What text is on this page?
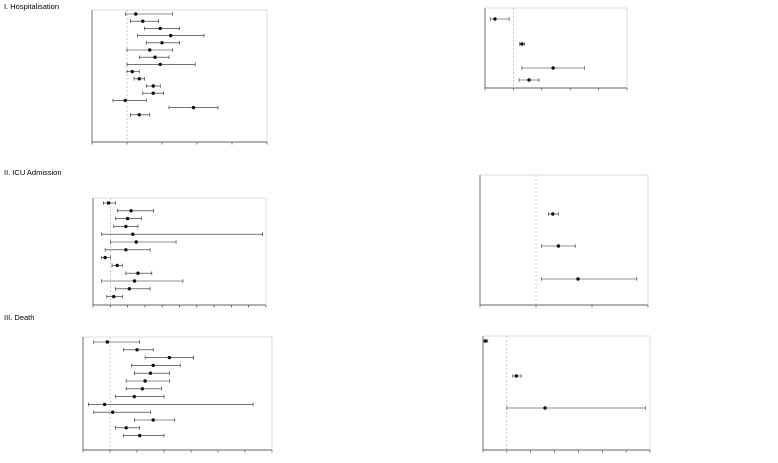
I. Hospitalisation
II. ICU Admission
III. Death
